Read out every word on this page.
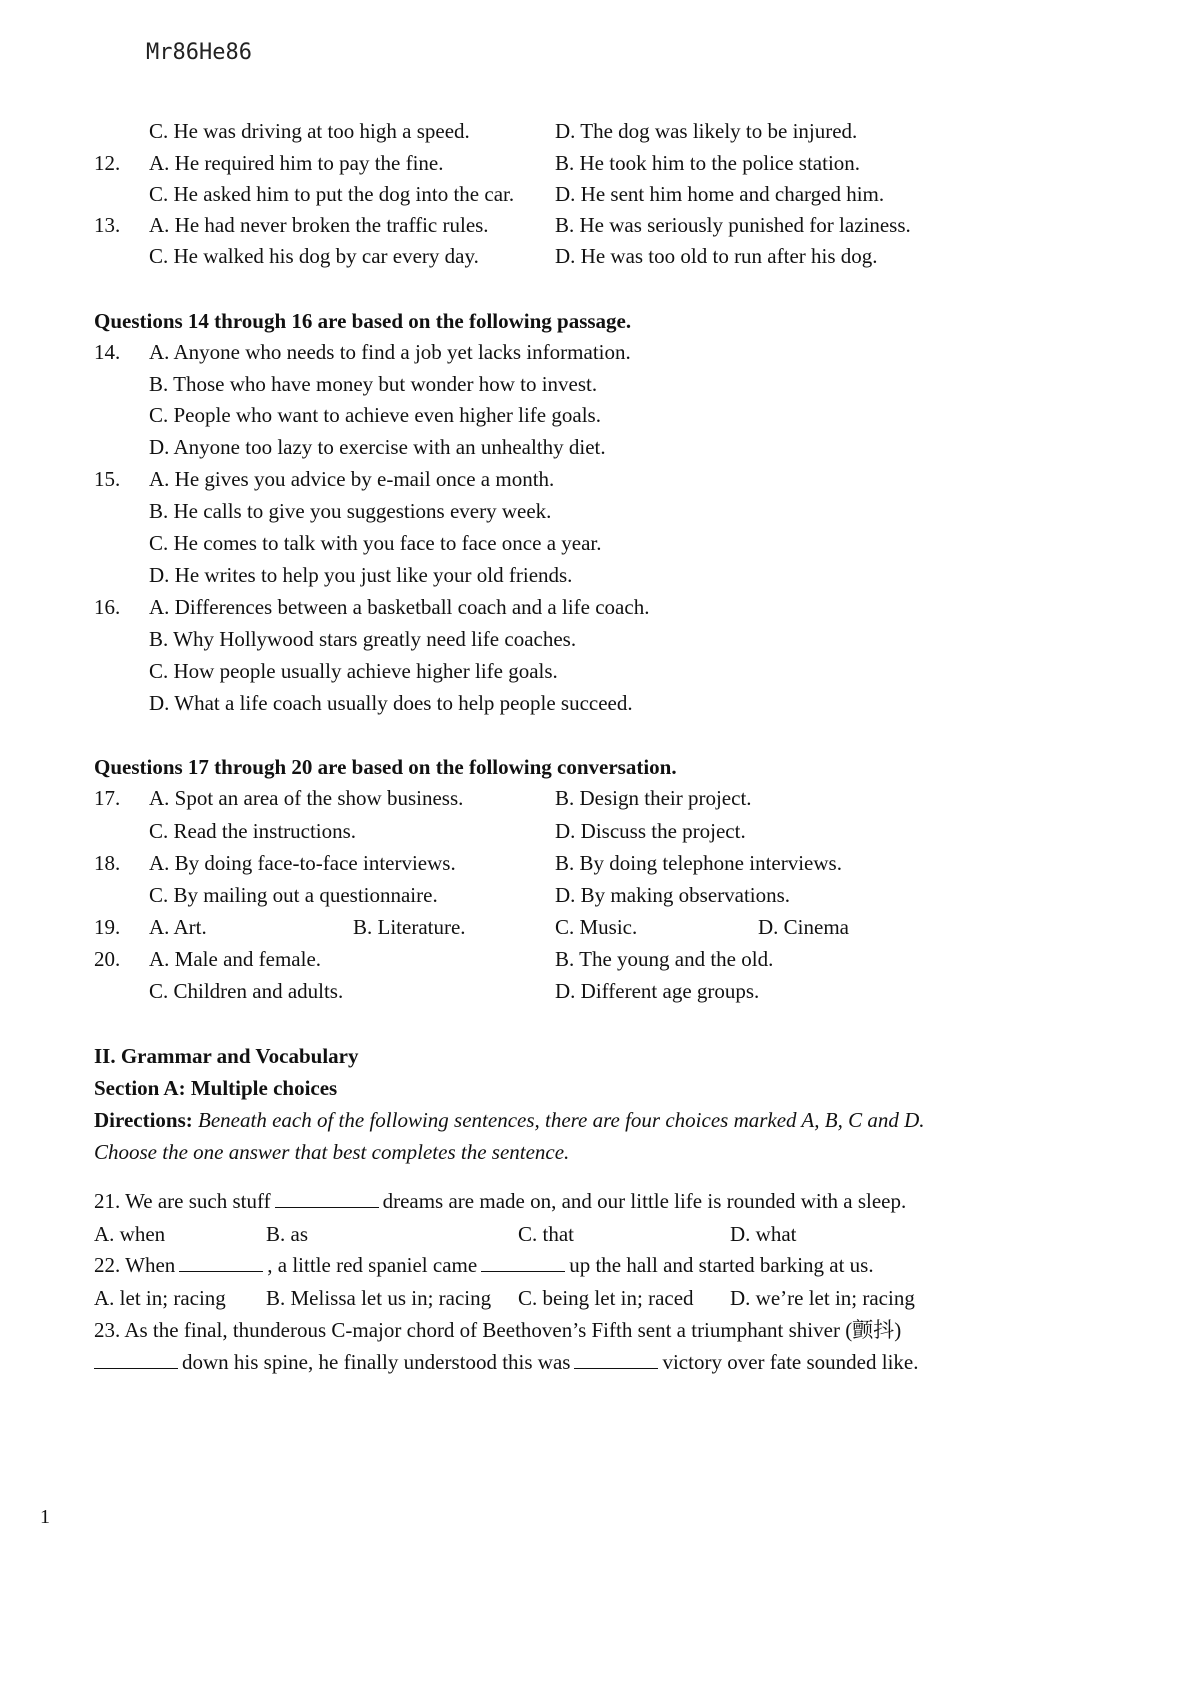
Mr86He86
C. He was driving at too high a speed.	D. The dog was likely to be injured.
12. A. He required him to pay the fine.	B. He took him to the police station.
C. He asked him to put the dog into the car. D. He sent him home and charged him.
13. A. He had never broken the traffic rules.	B. He was seriously punished for laziness.
C. He walked his dog by car every day.	D. He was too old to run after his dog.
Questions 14 through 16 are based on the following passage.
14. A. Anyone who needs to find a job yet lacks information.
B. Those who have money but wonder how to invest.
C. People who want to achieve even higher life goals.
D. Anyone too lazy to exercise with an unhealthy diet.
15. A. He gives you advice by e-mail once a month.
B. He calls to give you suggestions every week.
C. He comes to talk with you face to face once a year.
D. He writes to help you just like your old friends.
16. A. Differences between a basketball coach and a life coach.
B. Why Hollywood stars greatly need life coaches.
C. How people usually achieve higher life goals.
D. What a life coach usually does to help people succeed.
Questions 17 through 20 are based on the following conversation.
17. A. Spot an area of the show business.	B. Design their project.
C. Read the instructions.	D. Discuss the project.
18. A. By doing face-to-face interviews.	B. By doing telephone interviews.
C. By mailing out a questionnaire.	D. By making observations.
19. A. Art.	B. Literature.	C. Music.	D. Cinema
20. A. Male and female.	B. The young and the old.
C. Children and adults.	D. Different age groups.
II. Grammar and Vocabulary
Section A: Multiple choices
Directions: Beneath each of the following sentences, there are four choices marked A, B, C and D.
Choose the one answer that best completes the sentence.
21. We are such stuff	dreams are made on, and our little life is rounded with a sleep.
A. when	B. as	C. that	D. what
22. When	, a little red spaniel came	up the hall and started barking at us.
A. let in; racing B. Melissa let us in; racing C. being let in; raced D. we’re let in; racing
23. As the final, thunderous C-major chord of Beethoven’s Fifth sent a triumphant shiver (颤抖)
down his spine, he finally understood this was	victory over fate sounded like.
1
